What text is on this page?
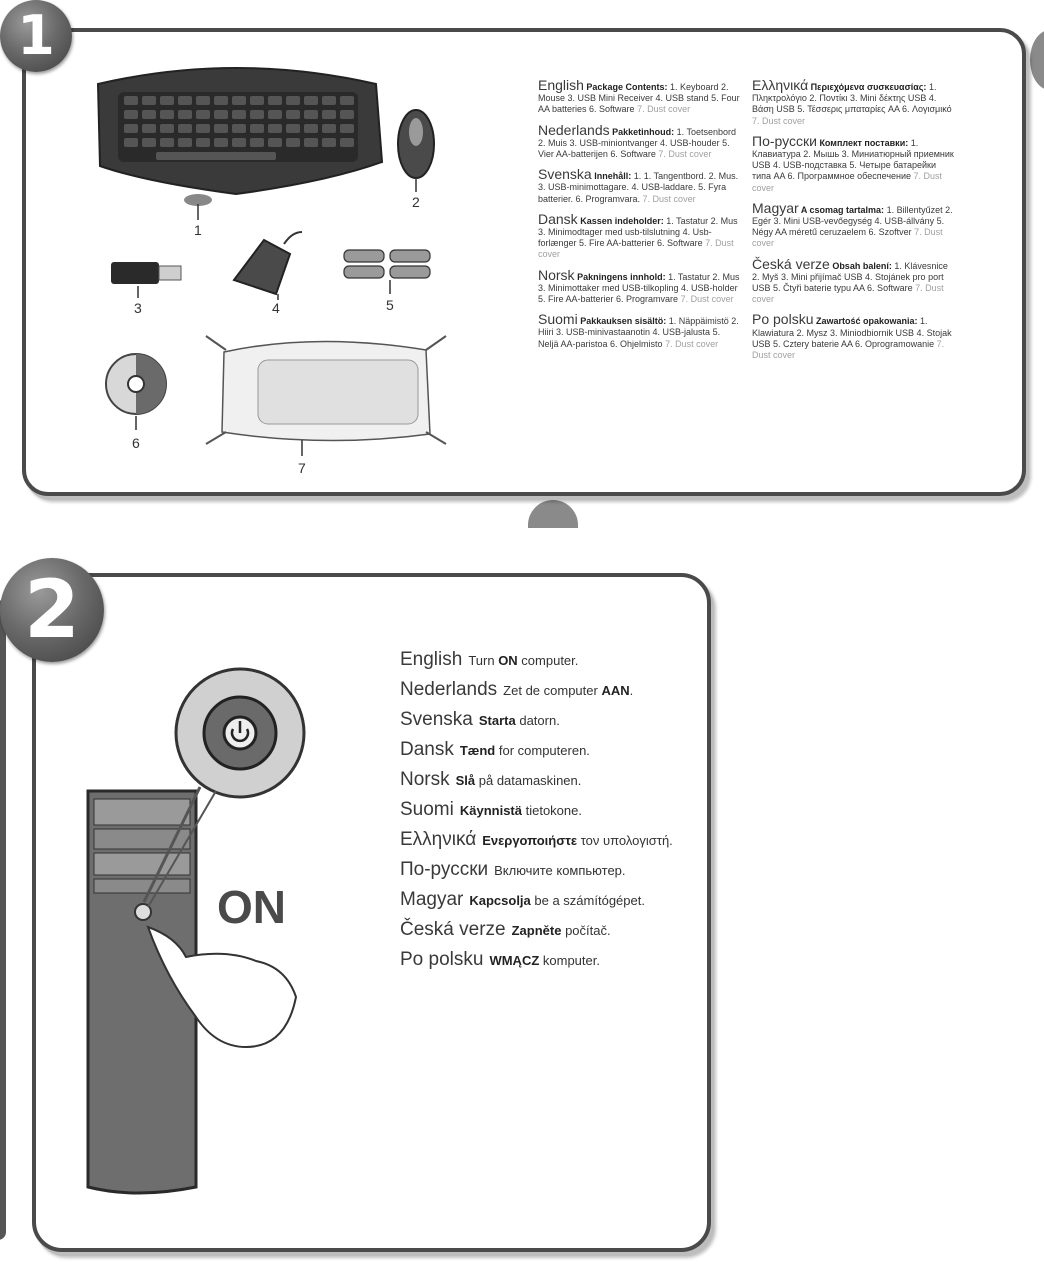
1
2
3	4	5
6
7
English Package Contents: 1. Keyboard 2. Mouse 3. USB Mini Receiver 4. USB stand 5. Four AA batteries 6. Software 7. Dust cover
Nederlands Pakketinhoud: 1. Toetsenbord 2. Muis 3. USB-miniontvanger 4. USB-houder 5. Vier AA-batterijen 6. Software 7. Dust cover
Svenska Innehåll: 1. 1. Tangentbord. 2. Mus. 3. USB-minimottagare. 4. USB-laddare. 5. Fyra batterier. 6. Programvara. 7. Dust cover
Dansk Kassen indeholder: 1. Tastatur 2. Mus 3. Minimodtager med usb-tilslutning 4. Usb-forlænger 5. Fire AA-batterier 6. Software 7. Dust cover
Norsk Pakningens innhold: 1. Tastatur 2. Mus 3. Minimottaker med USB-tilkopling 4. USB-holder 5. Fire AA-batterier 6. Programvare 7. Dust cover
Suomi Pakkauksen sisältö: 1. Näppäimistö 2. Hiiri 3. USB-minivastaanotin 4. USB-jalusta 5. Neljä AA-paristoa 6. Ohjelmisto 7. Dust cover
Ελληνικά Περιεχόμενα συσκευασίας: 1. Πληκτρολόγιο 2. Ποντίκι 3. Mini δέκτης USB 4. Βάση USB 5. Τέσσερις μπαταρίες AA 6. Λογισμικό 7. Dust cover
По-русски Комплект поставки: 1. Клавиатура 2. Мышь 3. Миниатюрный приемник USB 4. USB-подставка 5. Четыре батарейки типа AA 6. Программное обеспечение 7. Dust cover
Magyar A csomag tartalma: 1. Billentyűzet 2. Egér 3. Mini USB-vevőegység 4. USB-állvány 5. Négy AA méretű ceruzaelem 6. Szoftver 7. Dust cover
Česká verze Obsah balení: 1. Klávesnice 2. Myš 3. Mini přijímač USB 4. Stojánek pro port USB 5. Čtyři baterie typu AA 6. Software 7. Dust cover
Po polsku Zawartość opakowania: 1. Klawiatura 2. Mysz 3. Miniodbiornik USB 4. Stojak USB 5. Cztery baterie AA 6. Oprogramowanie 7. Dust cover
ON
English Turn ON computer.
Nederlands Zet de computer AAN.
Svenska Starta datorn.
Dansk Tænd for computeren.
Norsk Slå på datamaskinen.
Suomi Käynnistä tietokone.
Ελληνικά Ενεργοποιήστε τον υπολογιστή.
По-русски Включите компьютер.
Magyar Kapcsolja be a számítógépet.
Česká verze Zapněte počítač.
Po polsku WMĄCZ komputer.
1
2
